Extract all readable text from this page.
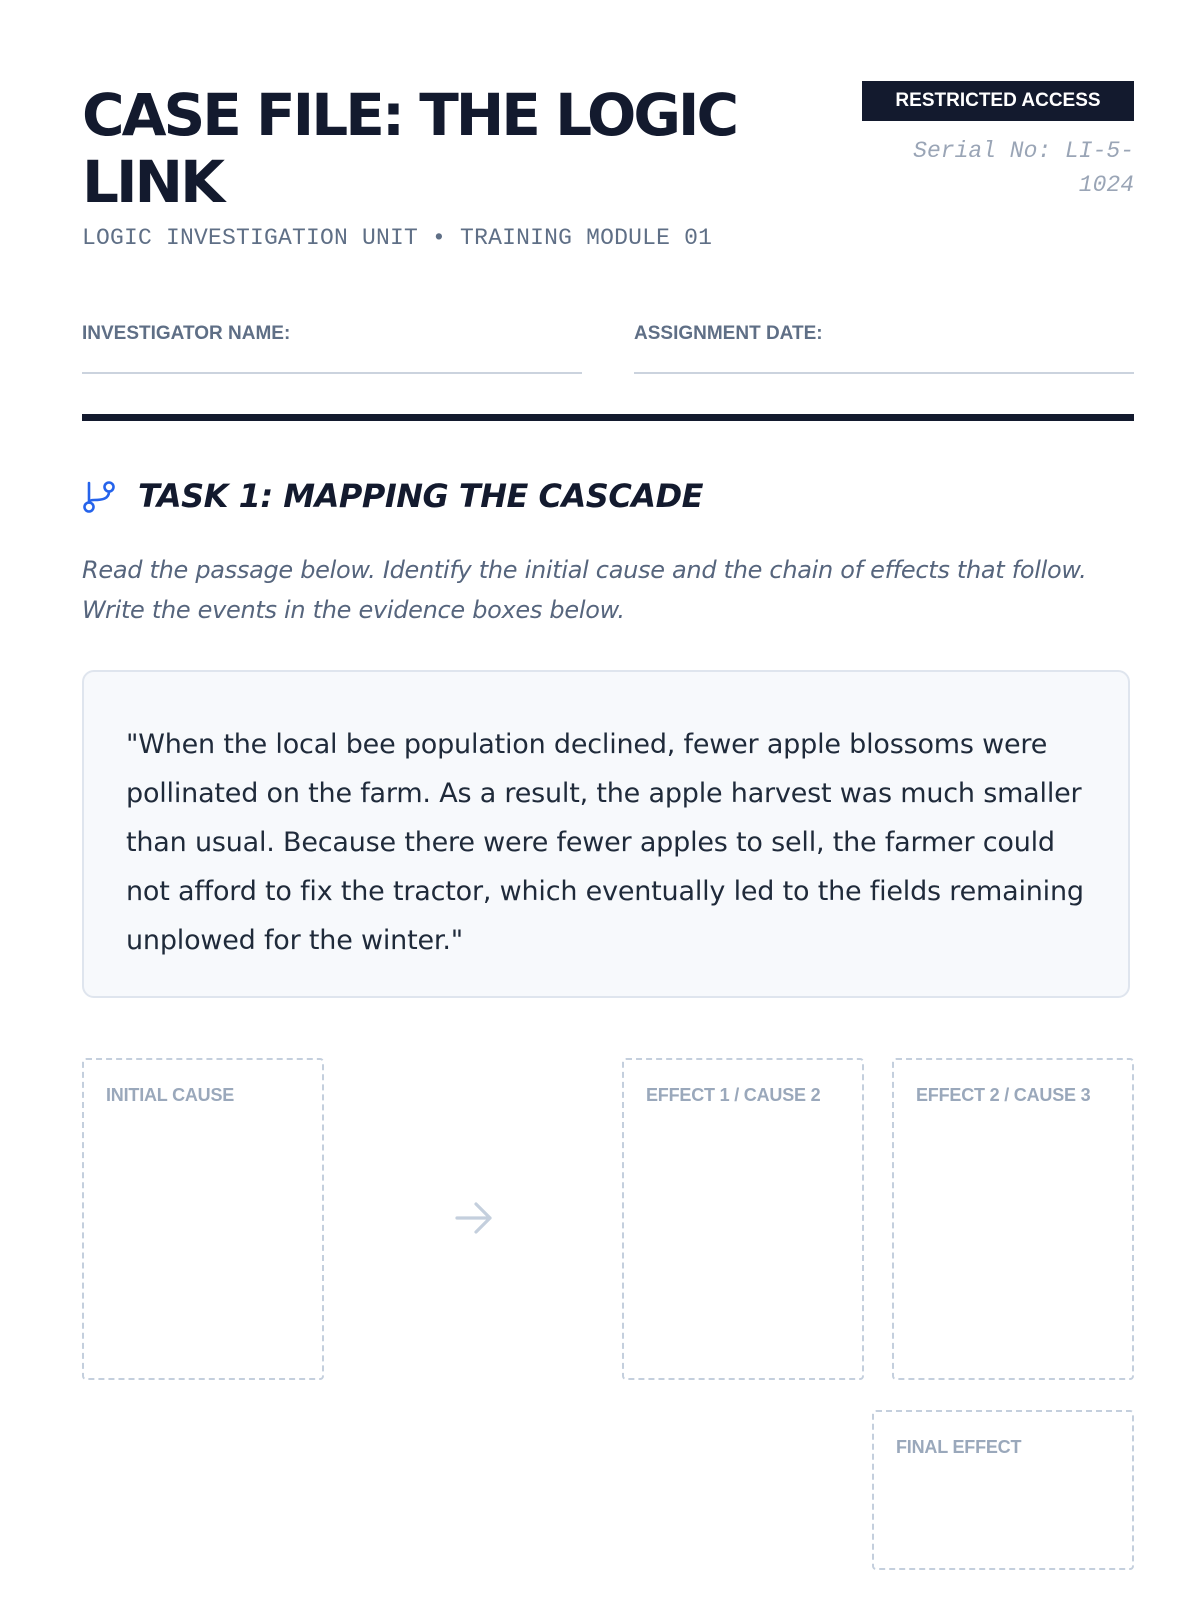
CASE FILE: THE LOGIC LINK
LOGIC INVESTIGATION UNIT • TRAINING MODULE 01
RESTRICTED ACCESS
Serial No: LI-5-1024
INVESTIGATOR NAME:	ASSIGNMENT DATE:
TASK 1: MAPPING THE CASCADE
Read the passage below. Identify the initial cause and the chain of effects that follow. Write the events in the evidence boxes below.
"When the local bee population declined, fewer apple blossoms were pollinated on the farm. As a result, the apple harvest was much smaller than usual. Because there were fewer apples to sell, the farmer could not afford to fix the tractor, which eventually led to the fields remaining unplowed for the winter."
INITIAL CAUSE	EFFECT 1 / CAUSE 2	EFFECT 2 / CAUSE 3
FINAL EFFECT
